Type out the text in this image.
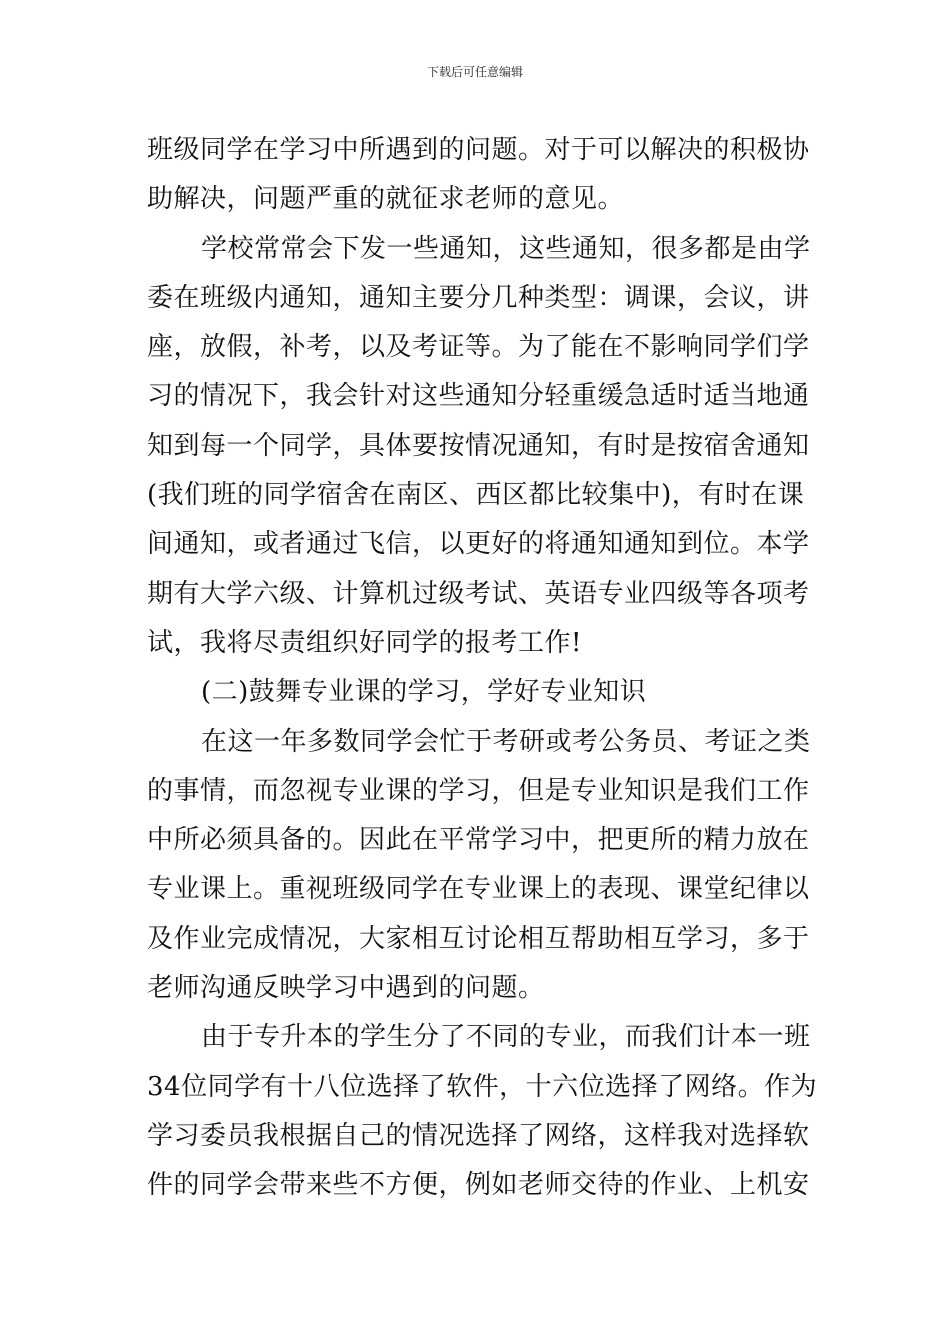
下载后可任意编辑
班级同学在学习中所遇到的问题。对于可以解决的积极协
助解决，问题严重的就征求老师的意见。
学校常常会下发一些通知，这些通知，很多都是由学
委在班级内通知，通知主要分几种类型：调课，会议，讲
座，放假，补考，以及考证等。为了能在不影响同学们学
习的情况下，我会针对这些通知分轻重缓急适时适当地通
知到每一个同学，具体要按情况通知，有时是按宿舍通知
(我们班的同学宿舍在南区、西区都比较集中)，有时在课
间通知，或者通过飞信，以更好的将通知通知到位。本学
期有大学六级、计算机过级考试、英语专业四级等各项考
试，我将尽责组织好同学的报考工作!
(二)鼓舞专业课的学习，学好专业知识
在这一年多数同学会忙于考研或考公务员、考证之类
的事情，而忽视专业课的学习，但是专业知识是我们工作
中所必须具备的。因此在平常学习中，把更所的精力放在
专业课上。重视班级同学在专业课上的表现、课堂纪律以
及作业完成情况，大家相互讨论相互帮助相互学习，多于
老师沟通反映学习中遇到的问题。
由于专升本的学生分了不同的专业，而我们计本一班
34位同学有十八位选择了软件，十六位选择了网络。作为
学习委员我根据自己的情况选择了网络，这样我对选择软
件的同学会带来些不方便，例如老师交待的作业、上机安
